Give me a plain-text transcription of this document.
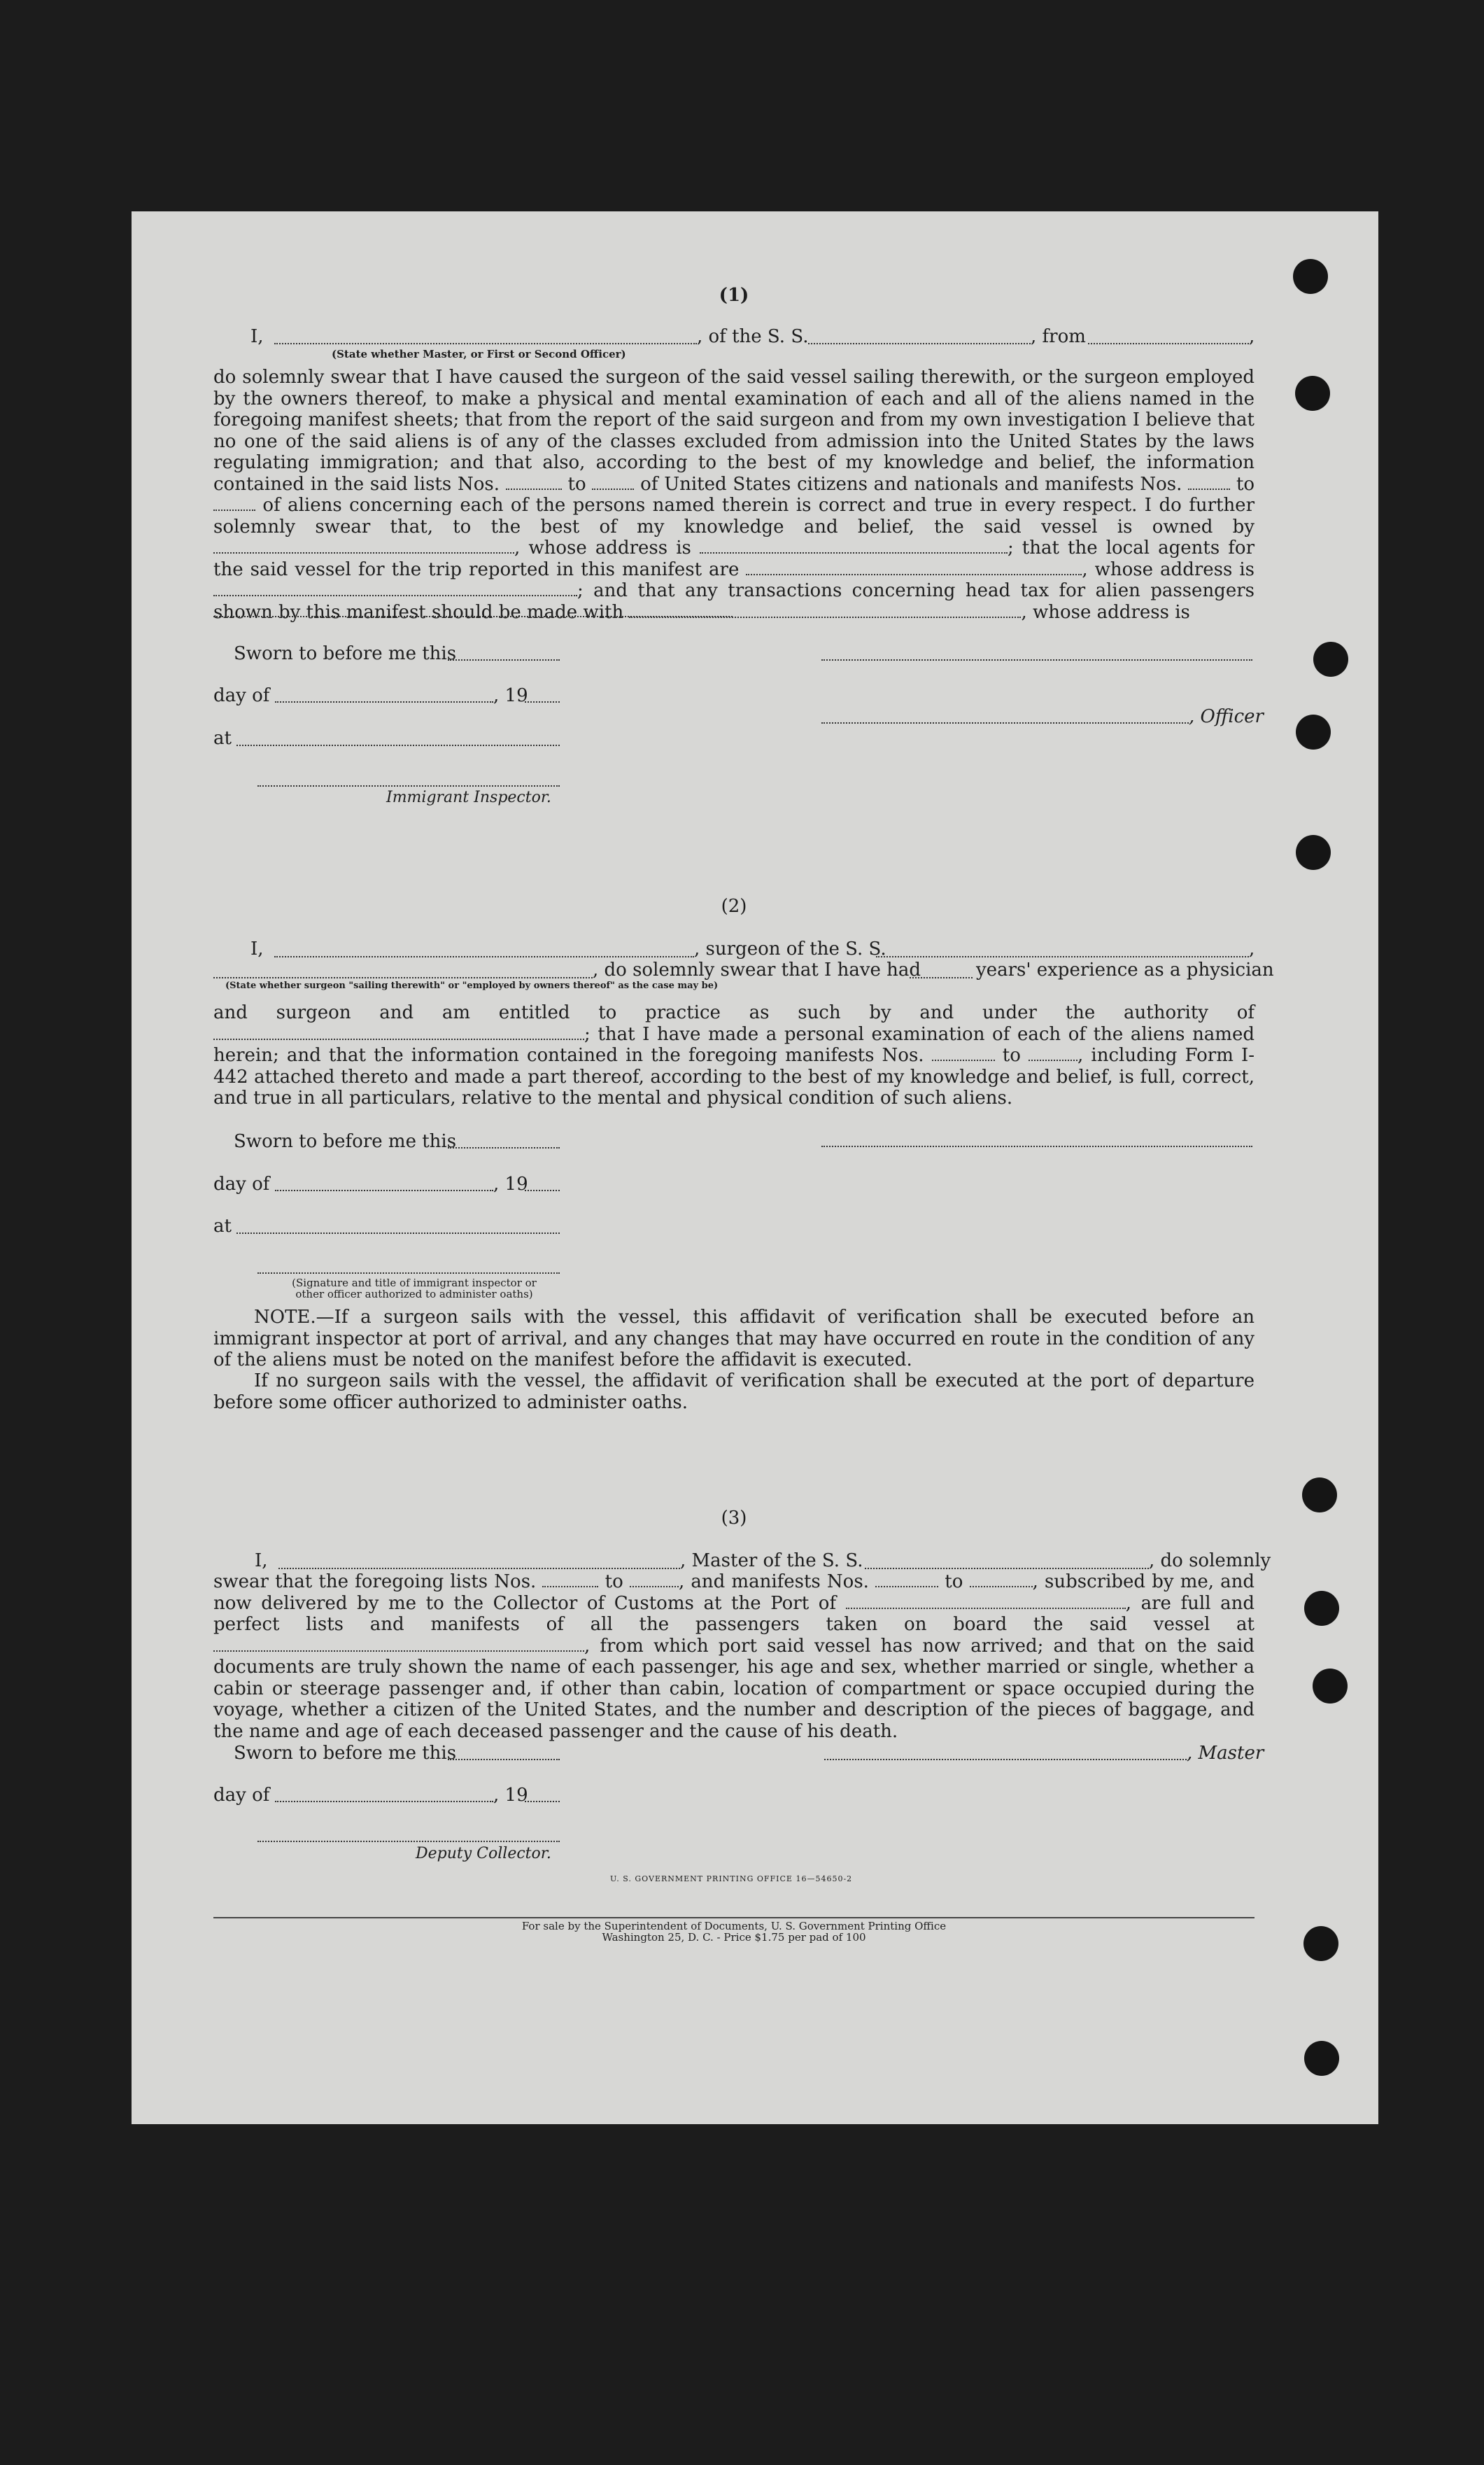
(1)
I,	, of the S. S.	, from	,
(State whether Master, or First or Second Officer)

do solemnly swear that I have caused the surgeon of the said vessel sailing therewith, or the surgeon employed by the owners thereof, to make a physical and mental examination of each and all of the aliens named in the foregoing manifest sheets; that from the report of the said surgeon and from my own investigation I believe that no one of the said aliens is of any of the classes excluded from admission into the United States by the laws regulating immigration; and that also, according to the best of my knowledge and belief, the information contained in the said lists Nos.	to	of United States citizens and nationals and manifests Nos.	to  of aliens concerning each of the persons named therein is correct and true in every respect. I do further solemnly swear that, to the best of my knowledge and belief, the said vessel is owned by , whose address is	; that the local agents for the said vessel for the trip reported in this manifest are	, whose address is ; and that any transactions concerning head tax for alien passengers shown by this manifest should be made with	, whose address is

Sworn to before me this
day of	, 19
, Officer
at
Immigrant Inspector.
(2)
I,	, surgeon of the S. S.	,
, do solemnly swear that I have had	years' experience as a physician
(State whether surgeon "sailing therewith" or "employed by owners thereof" as the case may be)

and surgeon and am entitled to practice as such by and under the authority of ; that I have made a personal examination of each of the aliens named herein; and that the information contained in the foregoing manifests Nos.	to	, including Form I-442 attached thereto and made a part thereof, according to the best of my knowledge and belief, is full, correct, and true in all particulars, relative to the mental and physical condition of such aliens.

Sworn to before me this
day of	, 19
at
(Signature and title of immigrant inspector or
other officer authorized to administer oaths)

NOTE.—If a surgeon sails with the vessel, this affidavit of verification shall be executed before an immigrant inspector at port of arrival, and any changes that may have occurred en route in the condition of any of the aliens must be noted on the manifest before the affidavit is executed.

If no surgeon sails with the vessel, the affidavit of verification shall be executed at the port of departure before some officer authorized to administer oaths.

(3)
I,	, Master of the S. S.	, do solemnly

swear that the foregoing lists Nos.	to	, and manifests Nos.	to	, subscribed by me, and now delivered by me to the Collector of Customs at the Port of	, are full and perfect lists and manifests of all the passengers taken on board the said vessel at , from which port said vessel has now arrived; and that on the said documents are truly shown the name of each passenger, his age and sex, whether married or single, whether a cabin or steerage passenger and, if other than cabin, location of compartment or space occupied during the voyage, whether a citizen of the United States, and the number and description of the pieces of baggage, and the name and age of each deceased passenger and the cause of his death.

Sworn to before me this	, Master
day of	, 19
Deputy Collector.
U. S. GOVERNMENT PRINTING OFFICE 16—54650-2
For sale by the Superintendent of Documents, U. S. Government Printing Office
Washington 25, D. C. - Price $1.75 per pad of 100
